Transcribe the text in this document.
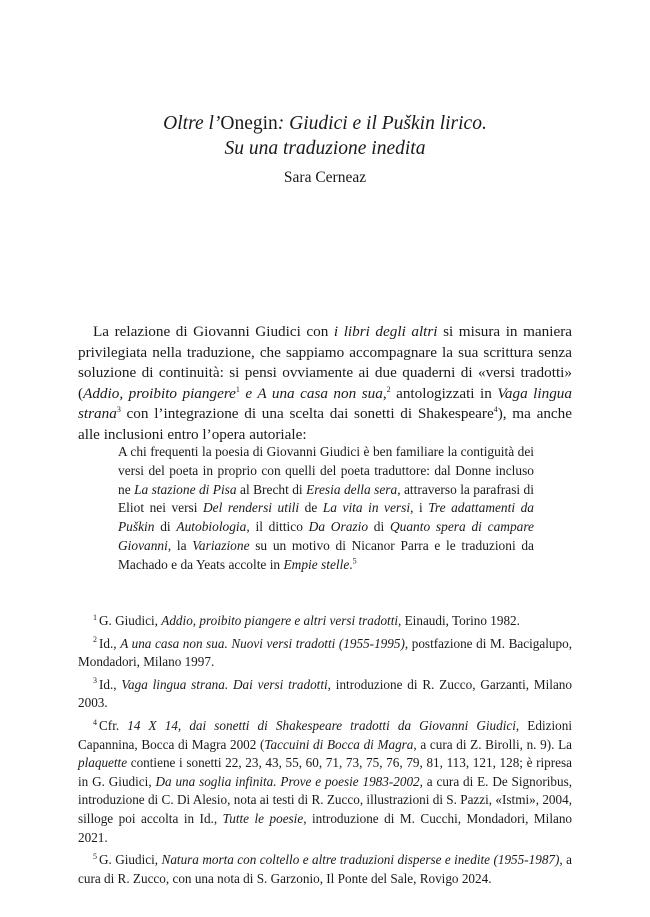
Oltre l’Onegin: Giudici e il Puškin lirico.
Su una traduzione inedita

Sara Cerneaz

La relazione di Giovanni Giudici con i libri degli altri si misura in maniera privilegiata nella traduzione, che sappiamo accompagnare la sua scrittura senza soluzione di continuità: si pensi ovviamente ai due quaderni di «versi tradotti» (Addio, proibito piangere$^1$ e A una casa non sua,$^2$ antologizzati in Vaga lingua strana$^3$ con l’integrazione di una scelta dai sonetti di Shakespeare$^4$), ma anche alle inclusioni entro l’opera autoriale:

A chi frequenti la poesia di Giovanni Giudici è ben familiare la contiguità dei versi del poeta in proprio con quelli del poeta traduttore: dal Donne incluso ne La stazione di Pisa al Brecht di Eresia della sera, attraverso la parafrasi di Eliot nei versi Del rendersi utili de La vita in versi, i Tre adattamenti da Puškin di Autobiologia, il dittico Da Orazio di Quanto spera di campare Giovanni, la Variazione su un motivo di Nicanor Parra e le traduzioni da Machado e da Yeats accolte in Empie stelle.$^5$

$^1$ G. Giudici, Addio, proibito piangere e altri versi tradotti, Einaudi, Torino 1982.

$^2$ Id., A una casa non sua. Nuovi versi tradotti (1955-1995), postfazione di M. Bacigalupo, Mondadori, Milano 1997.

$^3$ Id., Vaga lingua strana. Dai versi tradotti, introduzione di R. Zucco, Garzanti, Milano 2003.

$^4$ Cfr. 14 X 14, dai sonetti di Shakespeare tradotti da Giovanni Giudici, Edizioni Capannina, Bocca di Magra 2002 (Taccuini di Bocca di Magra, a cura di Z. Birolli, n. 9). La plaquette contiene i sonetti 22, 23, 43, 55, 60, 71, 73, 75, 76, 79, 81, 113, 121, 128; è ripresa in G. Giudici, Da una soglia infinita. Prove e poesie 1983-2002, a cura di E. De Signoribus, introduzione di C. Di Alesio, nota ai testi di R. Zucco, illustrazioni di S. Pazzi, «Istmi», 2004, silloge poi accolta in Id., Tutte le poesie, introduzione di M. Cucchi, Mondadori, Milano 2021.

$^5$ G. Giudici, Natura morta con coltello e altre traduzioni disperse e inedite (1955-1987), a cura di R. Zucco, con una nota di S. Garzonio, Il Ponte del Sale, Rovigo 2024.
